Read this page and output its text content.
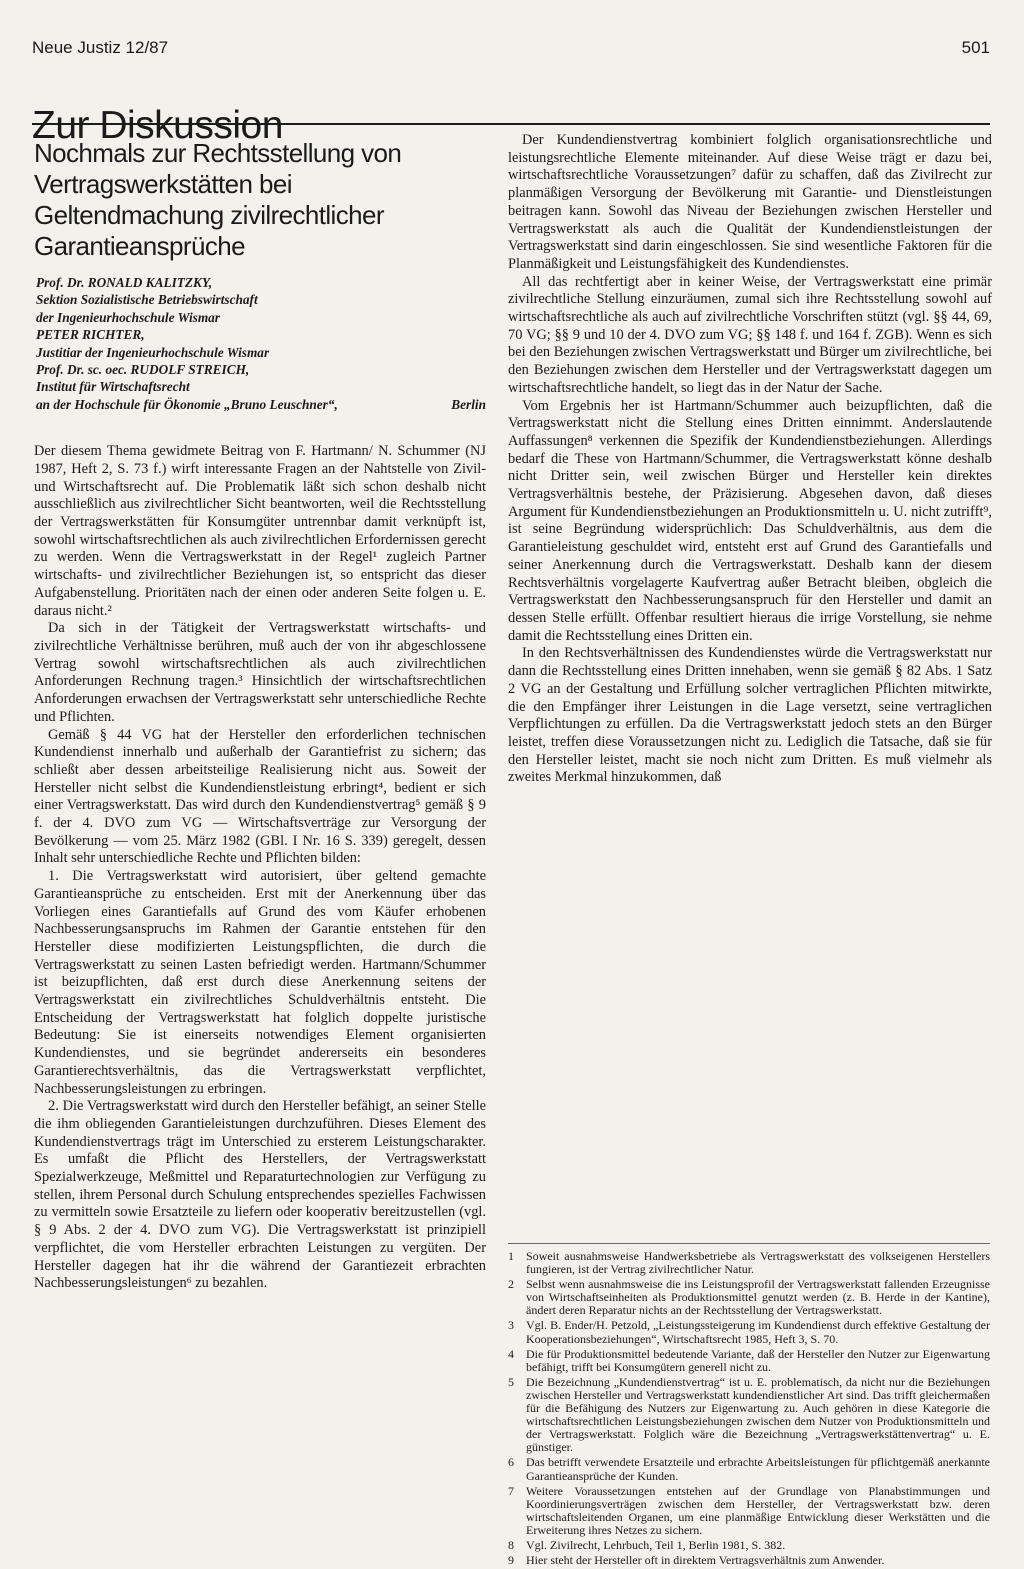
Neue Justiz 12/87	501
Zur Diskussion
Nochmals zur Rechtsstellung von Vertragswerkstätten bei Geltendmachung zivilrechtlicher Garantieansprüche
Prof. Dr. RONALD KALITZKY,
Sektion Sozialistische Betriebswirtschaft
der Ingenieurhochschule Wismar
PETER RICHTER,
Justitiar der Ingenieurhochschule Wismar
Prof. Dr. sc. oec. RUDOLF STREICH,
Institut für Wirtschaftsrecht
an der Hochschule für Ökonomie „Bruno Leuschner“,	Berlin

Der diesem Thema gewidmete Beitrag von F. Hartmann/ N. Schummer (NJ 1987, Heft 2, S. 73 f.) wirft interessante Fragen an der Nahtstelle von Zivil- und Wirtschaftsrecht auf. Die Problematik läßt sich schon deshalb nicht ausschließlich aus zivilrechtlicher Sicht beantworten, weil die Rechtsstellung der Vertragswerkstätten für Konsumgüter untrennbar damit verknüpft ist, sowohl wirtschaftsrechtlichen als auch zivilrechtlichen Erfordernissen gerecht zu werden. Wenn die Vertragswerkstatt in der Regel¹ zugleich Partner wirtschafts- und zivilrechtlicher Beziehungen ist, so entspricht das dieser Aufgabenstellung. Prioritäten nach der einen oder anderen Seite folgen u. E. daraus nicht.²

Da sich in der Tätigkeit der Vertragswerkstatt wirtschafts- und zivilrechtliche Verhältnisse berühren, muß auch der von ihr abgeschlossene Vertrag sowohl wirtschaftsrechtlichen als auch zivilrechtlichen Anforderungen Rechnung tragen.³ Hinsichtlich der wirtschaftsrechtlichen Anforderungen erwachsen der Vertragswerkstatt sehr unterschiedliche Rechte und Pflichten.

Gemäß § 44 VG hat der Hersteller den erforderlichen technischen Kundendienst innerhalb und außerhalb der Garantiefrist zu sichern; das schließt aber dessen arbeitsteilige Realisierung nicht aus. Soweit der Hersteller nicht selbst die Kundendienstleistung erbringt⁴, bedient er sich einer Vertragswerkstatt. Das wird durch den Kundendienstvertrag⁵ gemäß § 9 f. der 4. DVO zum VG — Wirtschaftsverträge zur Versorgung der Bevölkerung — vom 25. März 1982 (GBl. I Nr. 16 S. 339) geregelt, dessen Inhalt sehr unterschiedliche Rechte und Pflichten bilden:

1. Die Vertragswerkstatt wird autorisiert, über geltend gemachte Garantieansprüche zu entscheiden. Erst mit der Anerkennung über das Vorliegen eines Garantiefalls auf Grund des vom Käufer erhobenen Nachbesserungsanspruchs im Rahmen der Garantie entstehen für den Hersteller diese modifizierten Leistungspflichten, die durch die Vertragswerkstatt zu seinen Lasten befriedigt werden. Hartmann/Schummer ist beizupflichten, daß erst durch diese Anerkennung seitens der Vertragswerkstatt ein zivilrechtliches Schuldverhältnis entsteht. Die Entscheidung der Vertragswerkstatt hat folglich doppelte juristische Bedeutung: Sie ist einerseits notwendiges Element organisierten Kundendienstes, und sie begründet andererseits ein besonderes Garantierechtsverhältnis, das die Vertragswerkstatt verpflichtet, Nachbesserungsleistungen zu erbringen.

2. Die Vertragswerkstatt wird durch den Hersteller befähigt, an seiner Stelle die ihm obliegenden Garantieleistungen durchzuführen. Dieses Element des Kundendienstvertrags trägt im Unterschied zu ersterem Leistungscharakter. Es umfaßt die Pflicht des Herstellers, der Vertragswerkstatt Spezialwerkzeuge, Meßmittel und Reparaturtechnologien zur Verfügung zu stellen, ihrem Personal durch Schulung entsprechendes spezielles Fachwissen zu vermitteln sowie Ersatzteile zu liefern oder kooperativ bereitzustellen (vgl. § 9 Abs. 2 der 4. DVO zum VG). Die Vertragswerkstatt ist prinzipiell verpflichtet, die vom Hersteller erbrachten Leistungen zu vergüten. Der Hersteller dagegen hat ihr die während der Garantiezeit erbrachten Nachbesserungsleistungen⁶ zu bezahlen.

Der Kundendienstvertrag kombiniert folglich organisationsrechtliche und leistungsrechtliche Elemente miteinander. Auf diese Weise trägt er dazu bei, wirtschaftsrechtliche Voraussetzungen⁷ dafür zu schaffen, daß das Zivilrecht zur planmäßigen Versorgung der Bevölkerung mit Garantie- und Dienstleistungen beitragen kann. Sowohl das Niveau der Beziehungen zwischen Hersteller und Vertragswerkstatt als auch die Qualität der Kundendienstleistungen der Vertragswerkstatt sind darin eingeschlossen. Sie sind wesentliche Faktoren für die Planmäßigkeit und Leistungsfähigkeit des Kundendienstes.

All das rechtfertigt aber in keiner Weise, der Vertragswerkstatt eine primär zivilrechtliche Stellung einzuräumen, zumal sich ihre Rechtsstellung sowohl auf wirtschaftsrechtliche als auch auf zivilrechtliche Vorschriften stützt (vgl. §§ 44, 69, 70 VG; §§ 9 und 10 der 4. DVO zum VG; §§ 148 f. und 164 f. ZGB). Wenn es sich bei den Beziehungen zwischen Vertragswerkstatt und Bürger um zivilrechtliche, bei den Beziehungen zwischen dem Hersteller und der Vertragswerkstatt dagegen um wirtschaftsrechtliche handelt, so liegt das in der Natur der Sache.

Vom Ergebnis her ist Hartmann/Schummer auch beizupflichten, daß die Vertragswerkstatt nicht die Stellung eines Dritten einnimmt. Anderslautende Auffassungen⁸ verkennen die Spezifik der Kundendienstbeziehungen. Allerdings bedarf die These von Hartmann/Schummer, die Vertragswerkstatt könne deshalb nicht Dritter sein, weil zwischen Bürger und Hersteller kein direktes Vertragsverhältnis bestehe, der Präzisierung. Abgesehen davon, daß dieses Argument für Kundendienstbeziehungen an Produktionsmitteln u. U. nicht zutrifft⁹, ist seine Begründung widersprüchlich: Das Schuldverhältnis, aus dem die Garantieleistung geschuldet wird, entsteht erst auf Grund des Garantiefalls und seiner Anerkennung durch die Vertragswerkstatt. Deshalb kann der diesem Rechtsverhältnis vorgelagerte Kaufvertrag außer Betracht bleiben, obgleich die Vertragswerkstatt den Nachbesserungsanspruch für den Hersteller und damit an dessen Stelle erfüllt. Offenbar resultiert hieraus die irrige Vorstellung, sie nehme damit die Rechtsstellung eines Dritten ein.

In den Rechtsverhältnissen des Kundendienstes würde die Vertragswerkstatt nur dann die Rechtsstellung eines Dritten innehaben, wenn sie gemäß § 82 Abs. 1 Satz 2 VG an der Gestaltung und Erfüllung solcher vertraglichen Pflichten mitwirkte, die den Empfänger ihrer Leistungen in die Lage versetzt, seine vertraglichen Verpflichtungen zu erfüllen. Da die Vertragswerkstatt jedoch stets an den Bürger leistet, treffen diese Voraussetzungen nicht zu. Lediglich die Tatsache, daß sie für den Hersteller leistet, macht sie noch nicht zum Dritten. Es muß vielmehr als zweites Merkmal hinzukommen, daß

1	Soweit ausnahmsweise Handwerksbetriebe als Vertragswerkstatt des volkseigenen Herstellers fungieren, ist der Vertrag zivilrechtlicher Natur.
2	Selbst wenn ausnahmsweise die ins Leistungsprofil der Vertragswerkstatt fallenden Erzeugnisse von Wirtschaftseinheiten als Produktionsmittel genutzt werden (z. B. Herde in der Kantine), ändert deren Reparatur nichts an der Rechtsstellung der Vertragswerkstatt.
3	Vgl. B. Ender/H. Petzold, „Leistungssteigerung im Kundendienst durch effektive Gestaltung der Kooperationsbeziehungen“, Wirtschaftsrecht 1985, Heft 3, S. 70.
4	Die für Produktionsmittel bedeutende Variante, daß der Hersteller den Nutzer zur Eigenwartung befähigt, trifft bei Konsumgütern generell nicht zu.
5	Die Bezeichnung „Kundendienstvertrag“ ist u. E. problematisch, da nicht nur die Beziehungen zwischen Hersteller und Vertragswerkstatt kundendienstlicher Art sind. Das trifft gleichermaßen für die Befähigung des Nutzers zur Eigenwartung zu. Auch gehören in diese Kategorie die wirtschaftsrechtlichen Leistungsbeziehungen zwischen dem Nutzer von Produktionsmitteln und der Vertragswerkstatt. Folglich wäre die Bezeichnung „Vertragswerkstättenvertrag“ u. E. günstiger.
6	Das betrifft verwendete Ersatzteile und erbrachte Arbeitsleistungen für pflichtgemäß anerkannte Garantieansprüche der Kunden.
7	Weitere Voraussetzungen entstehen auf der Grundlage von Planabstimmungen und Koordinierungsverträgen zwischen dem Hersteller, der Vertragswerkstatt bzw. deren wirtschaftsleitenden Organen, um eine planmäßige Entwicklung dieser Werkstätten und die Erweiterung ihres Netzes zu sichern.
8	Vgl. Zivilrecht, Lehrbuch, Teil 1, Berlin 1981, S. 382.
9	Hier steht der Hersteller oft in direktem Vertragsverhältnis zum Anwender.
